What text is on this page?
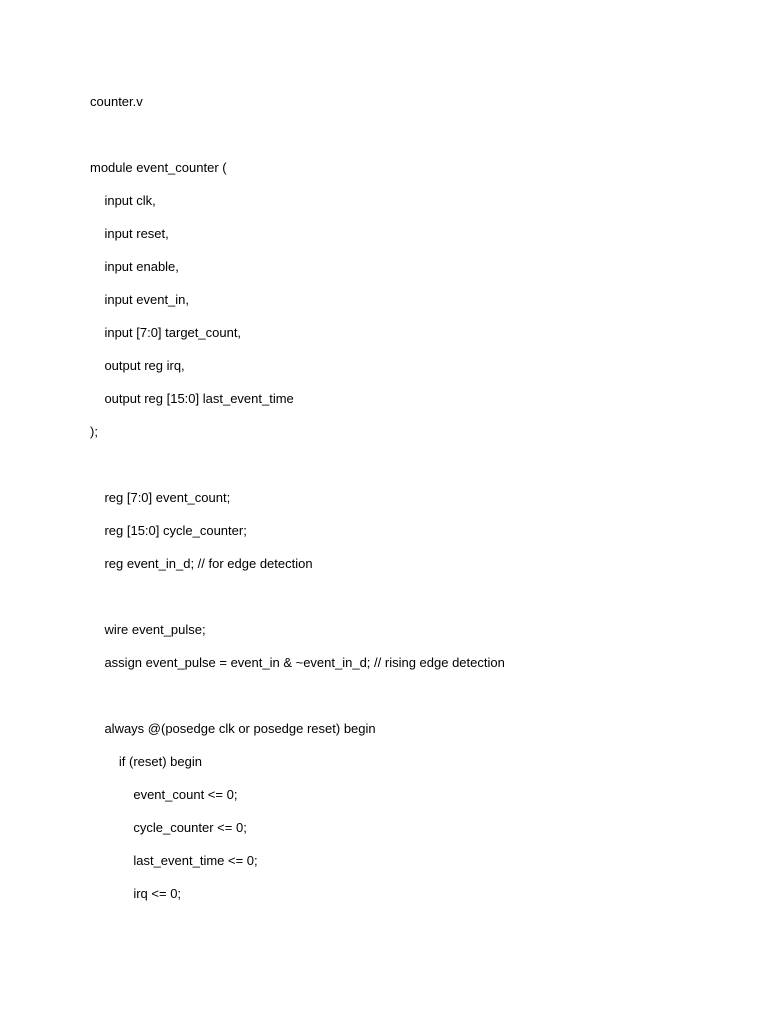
counter.v
module event_counter (
input clk,
input reset,
input enable,
input event_in,
input [7:0] target_count,
output reg irq,
output reg [15:0] last_event_time
);
reg [7:0] event_count;
reg [15:0] cycle_counter;
reg event_in_d; // for edge detection
wire event_pulse;
assign event_pulse = event_in & ~event_in_d; // rising edge detection
always @(posedge clk or posedge reset) begin
if (reset) begin
event_count <= 0;
cycle_counter <= 0;
last_event_time <= 0;
irq <= 0;
